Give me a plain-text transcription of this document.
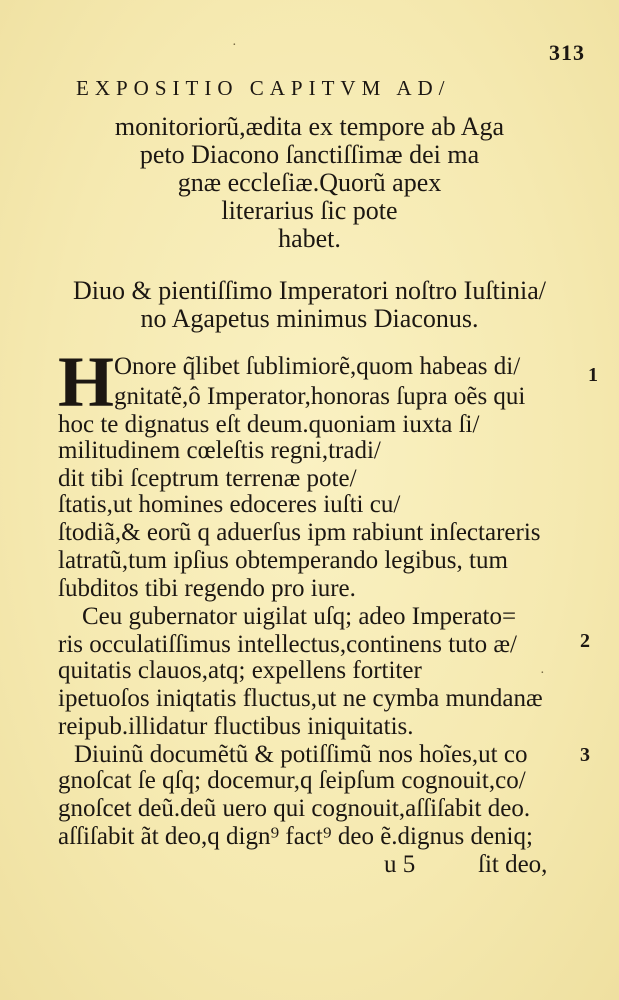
313
EXPOSITIO CAPITVM AD/
monitoriorũ,ædita ex tempore ab Aga
peto Diacono ſanctiſſimæ dei ma
gnæ eccleſiæ.Quorũ apex
literarius ſic pote
habet.
Diuo & pientiſſimo Imperatori noſtro Iuſtinia/
no Agapetus minimus Diaconus.
H Onore q̃libet ſublimiorẽ,quom habeas di/
gnitatẽ,ô Imperator,honoras ſupra oẽs qui
hoc te dignatus eſt deum.quoniam iuxta ſi/
militudinem cœleſtis regni,tradi/
dit tibi ſceptrum terrenæ pote/
ſtatis,ut homines edoceres iuſti cu/
ſtodiã,& eorũ q aduerſus ipm rabiunt inſectareris
latratũ,tum ipſius obtemperando legibus, tum
ſubditos tibi regendo pro iure.
Ceu gubernator uigilat uſq; adeo Imperato=
ris occulatiſſimus intellectus,continens tuto æ/
quitatis clauos,atq; expellens fortiter
ipetuoſos iniqtatis fluctus,ut ne cymba mundanæ
reipub.illidatur fluctibus iniquitatis.
Diuinũ documẽtũ & potiſſimũ nos hoĩes,ut co
gnoſcat ſe qſq; docemur,q ſeipſum cognouit,co/
gnoſcet deũ.deũ uero qui cognouit,aſſiſabit deo.
aſſiſabit ãt deo,q dign⁹ fact⁹ deo ẽ.dignus deniq;
u 5	ſit deo,
1
2
3
·
·
